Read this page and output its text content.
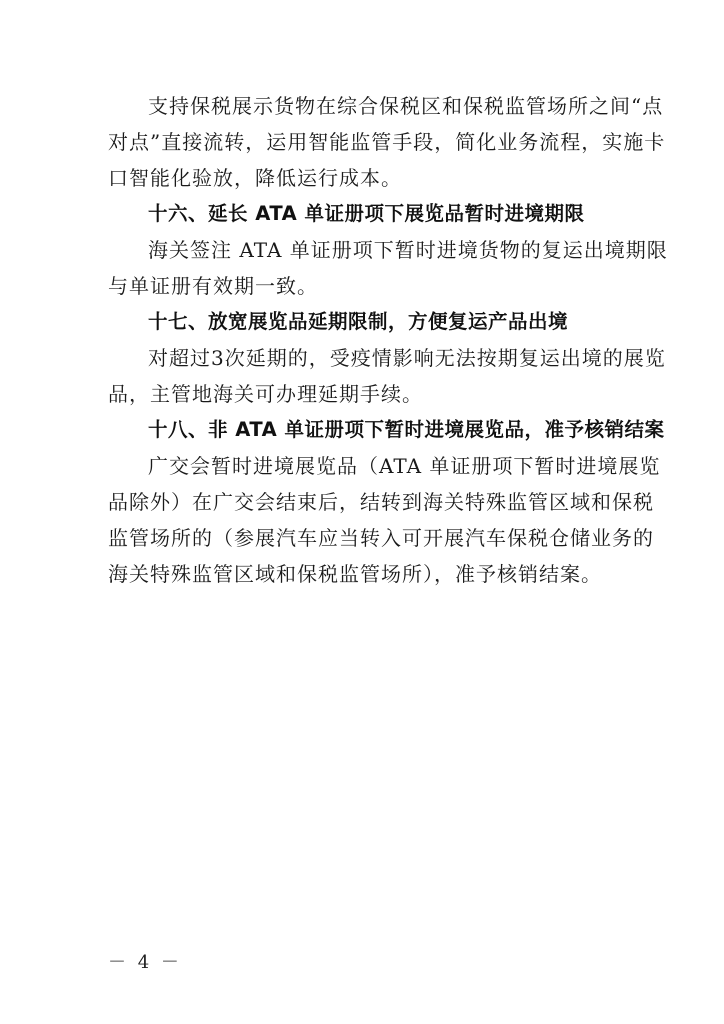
支持保税展示货物在综合保税区和保税监管场所之间“点
对点”直接流转，运用智能监管手段，简化业务流程，实施卡
口智能化验放，降低运行成本。
十六、延长 ATA 单证册项下展览品暂时进境期限
海关签注 ATA 单证册项下暂时进境货物的复运出境期限
与单证册有效期一致。
十七、放宽展览品延期限制，方便复运产品出境
对超过3次延期的，受疫情影响无法按期复运出境的展览
品，主管地海关可办理延期手续。
十八、非 ATA 单证册项下暂时进境展览品，准予核销结案
广交会暂时进境展览品（ATA 单证册项下暂时进境展览
品除外）在广交会结束后，结转到海关特殊监管区域和保税
监管场所的（参展汽车应当转入可开展汽车保税仓储业务的
海关特殊监管区域和保税监管场所），准予核销结案。
－ 4 －
